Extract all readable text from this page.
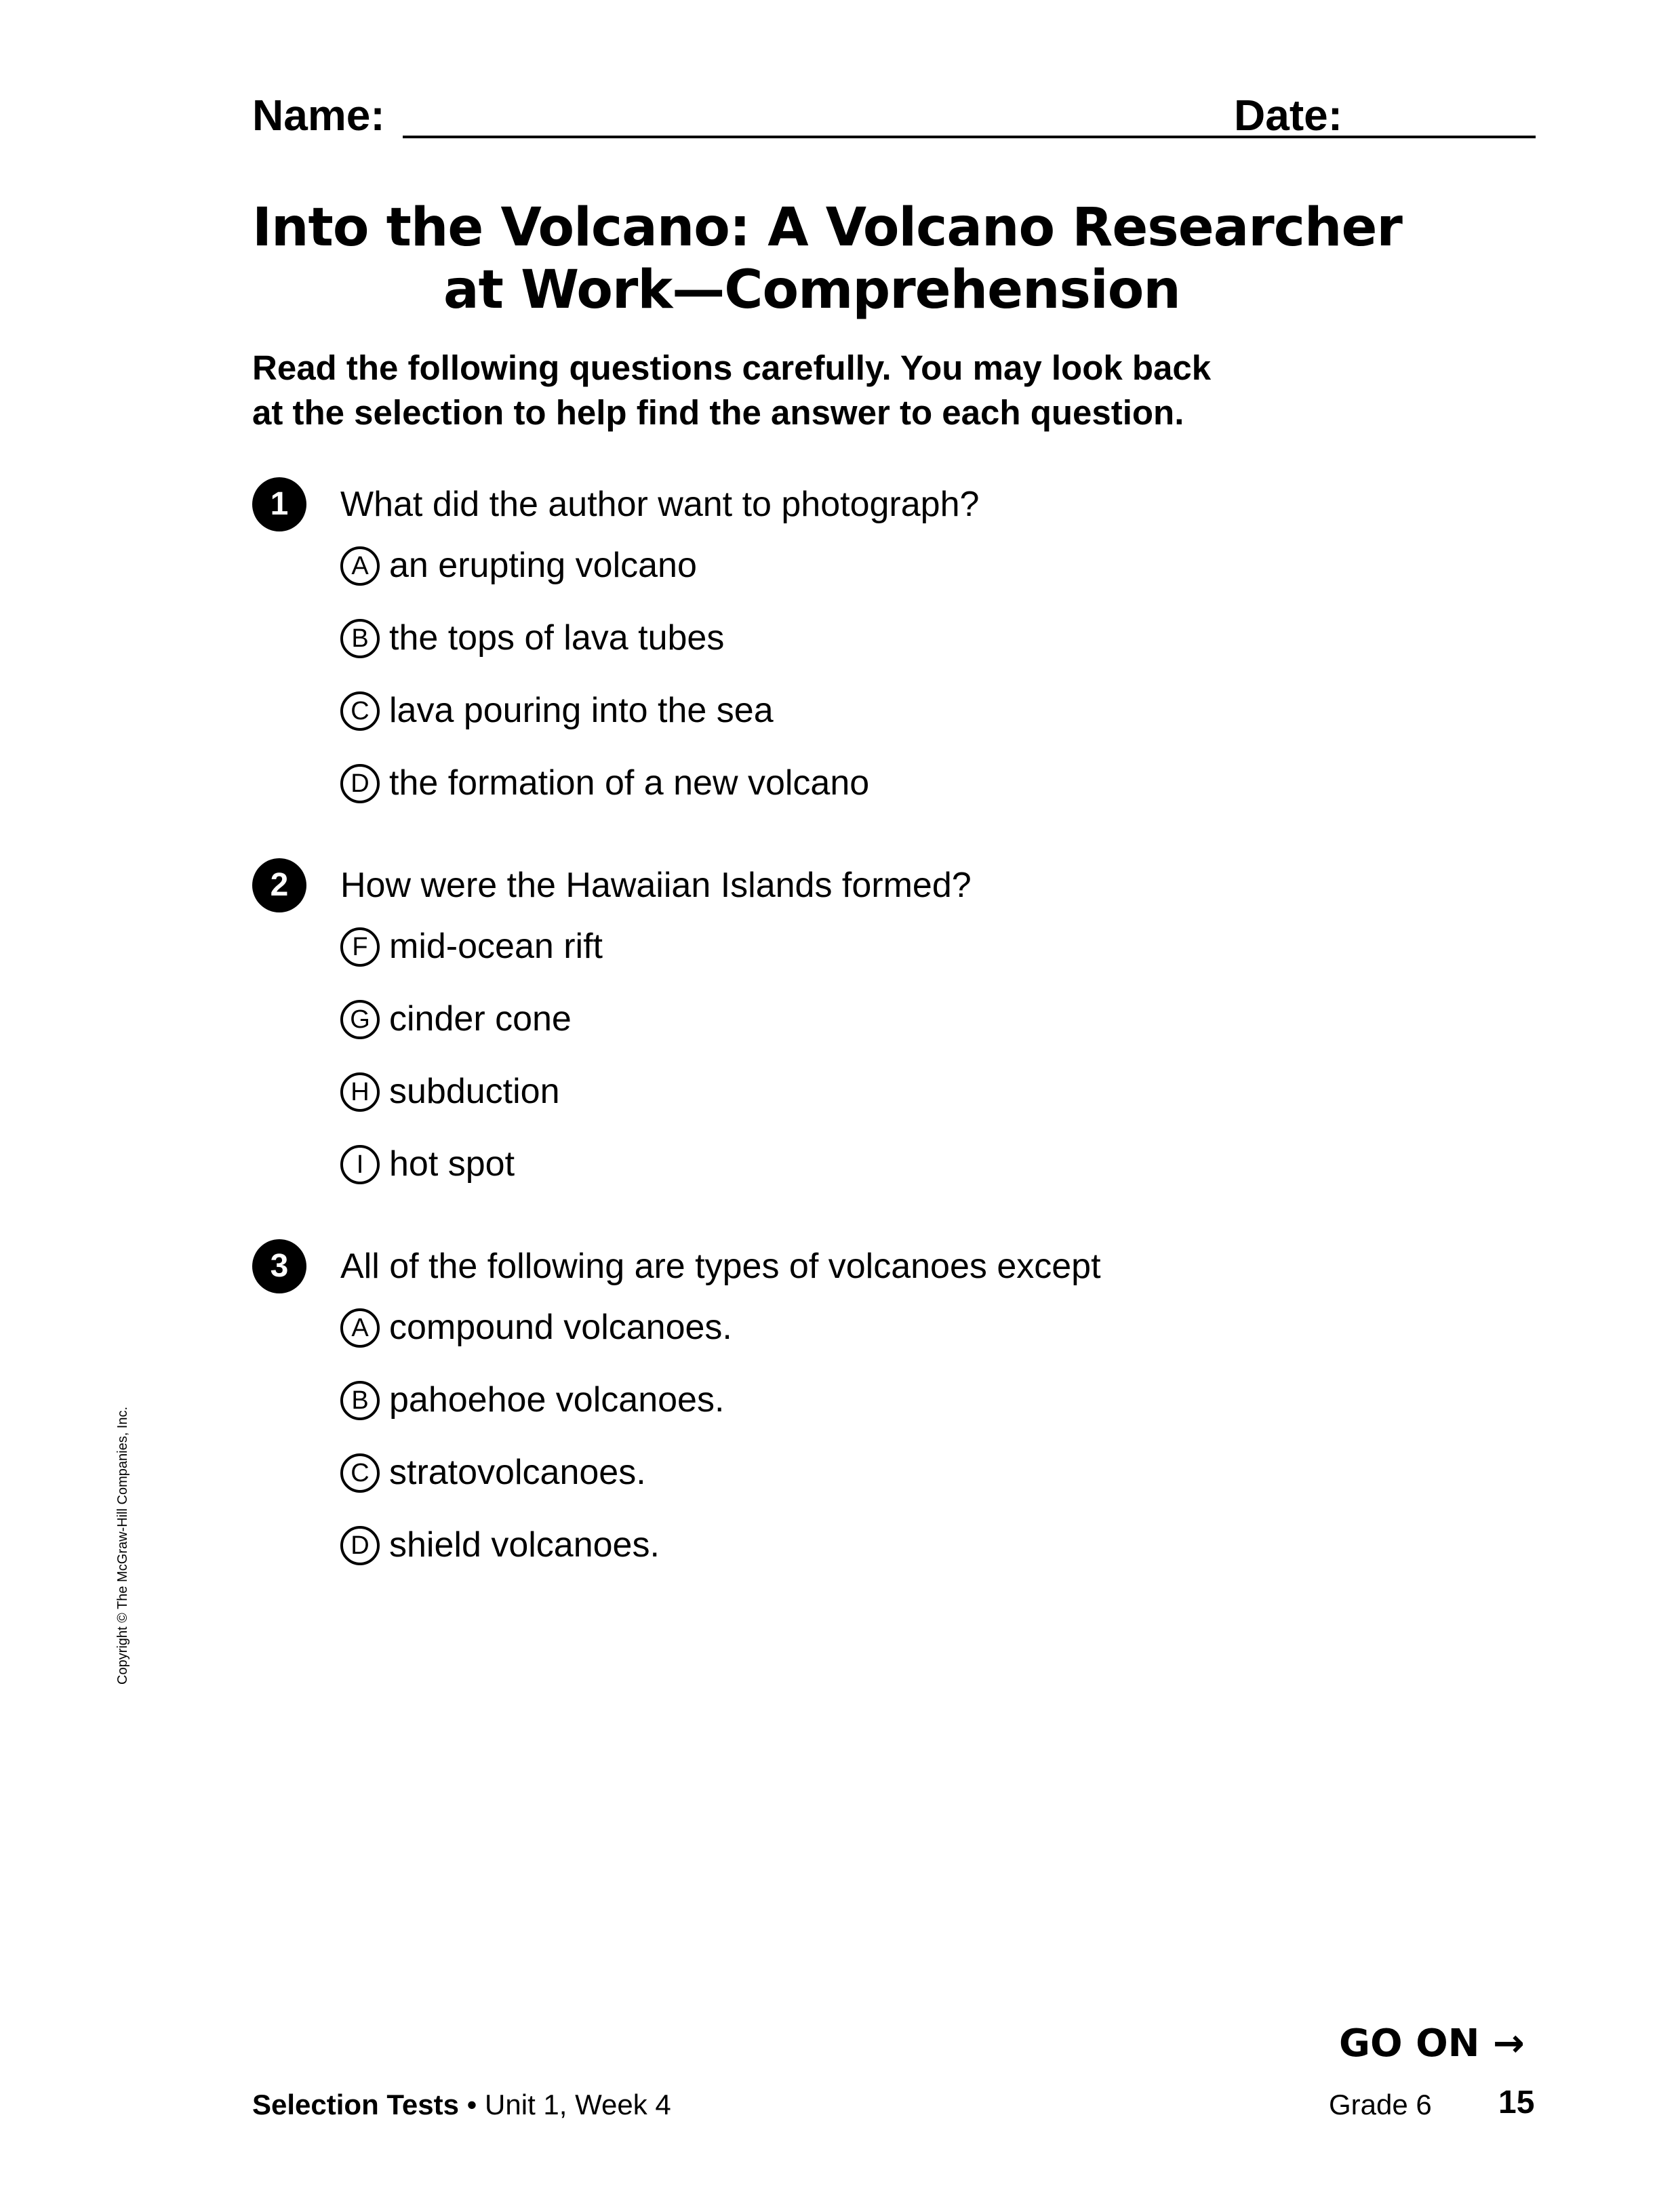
Name:	Date:
Into the Volcano: A Volcano Researcher
at Work—Comprehension
Read the following questions carefully. You may look back
at the selection to help find the answer to each question.
1	What did the author want to photograph?
A an erupting volcano
B the tops of lava tubes
C lava pouring into the sea
D the formation of a new volcano
2	How were the Hawaiian Islands formed?
F mid-ocean rift
G cinder cone
H subduction
I hot spot
3	All of the following are types of volcanoes except
A compound volcanoes.
B pahoehoe volcanoes.
C stratovolcanoes.
D shield volcanoes.
Copyright © The McGraw-Hill Companies, Inc.
GO ON →
Selection Tests • Unit 1, Week 4	Grade 6 15
